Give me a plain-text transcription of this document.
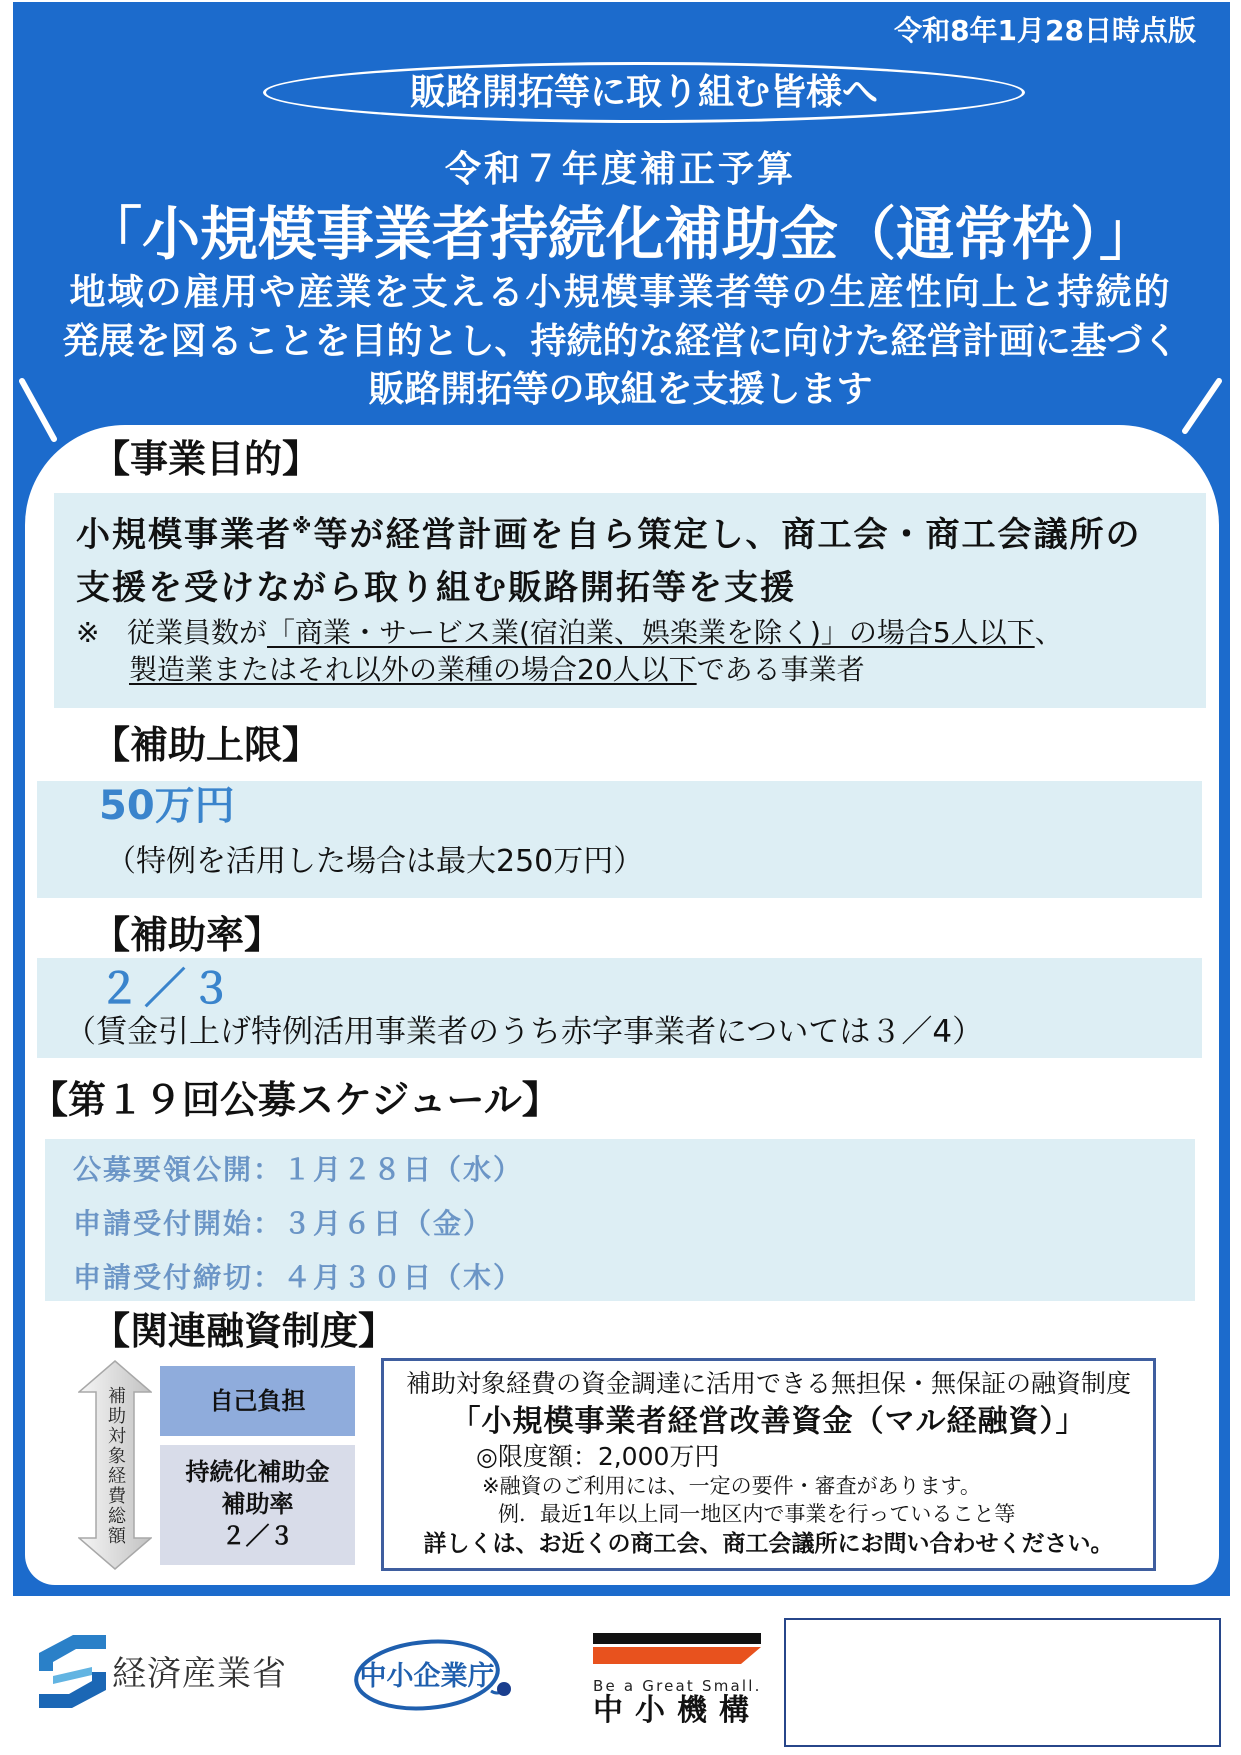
令和8年1月28日時点版
販路開拓等に取り組む皆様へ
令和７年度補正予算
「小規模事業者持続化補助金（通常枠）」
地域の雇用や産業を支える小規模事業者等の生産性向上と持続的
発展を図ることを目的とし、持続的な経営に向けた経営計画に基づく
販路開拓等の取組を支援します
【事業目的】
小規模事業者※等が経営計画を自ら策定し、商工会・商工会議所の
支援を受けながら取り組む販路開拓等を支援
※ 従業員数が「商業・サービス業(宿泊業、娯楽業を除く)」の場合5人以下、
製造業またはそれ以外の業種の場合20人以下である事業者
【補助上限】
50万円
（特例を活用した場合は最大250万円）
【補助率】
２／３
（賃金引上げ特例活用事業者のうち赤字事業者については３／4）
【第１９回公募スケジュール】
公募要領公開：１月２８日（水）
申請受付開始：３月６日（金）
申請受付締切：４月３０日（木）
【関連融資制度】
補助対象経費総額	自己負担
持続化補助金
補助率
２／３
補助対象経費の資金調達に活用できる無担保・無保証の融資制度
「小規模事業者経営改善資金（マル経融資）」
◎限度額：2,000万円
※融資のご利用には、一定の要件・審査があります。
例．最近1年以上同一地区内で事業を行っていること等
詳しくは、お近くの商工会、商工会議所にお問い合わせください。
経済産業省	中小企業庁	Be a Great Small.
中小機構
